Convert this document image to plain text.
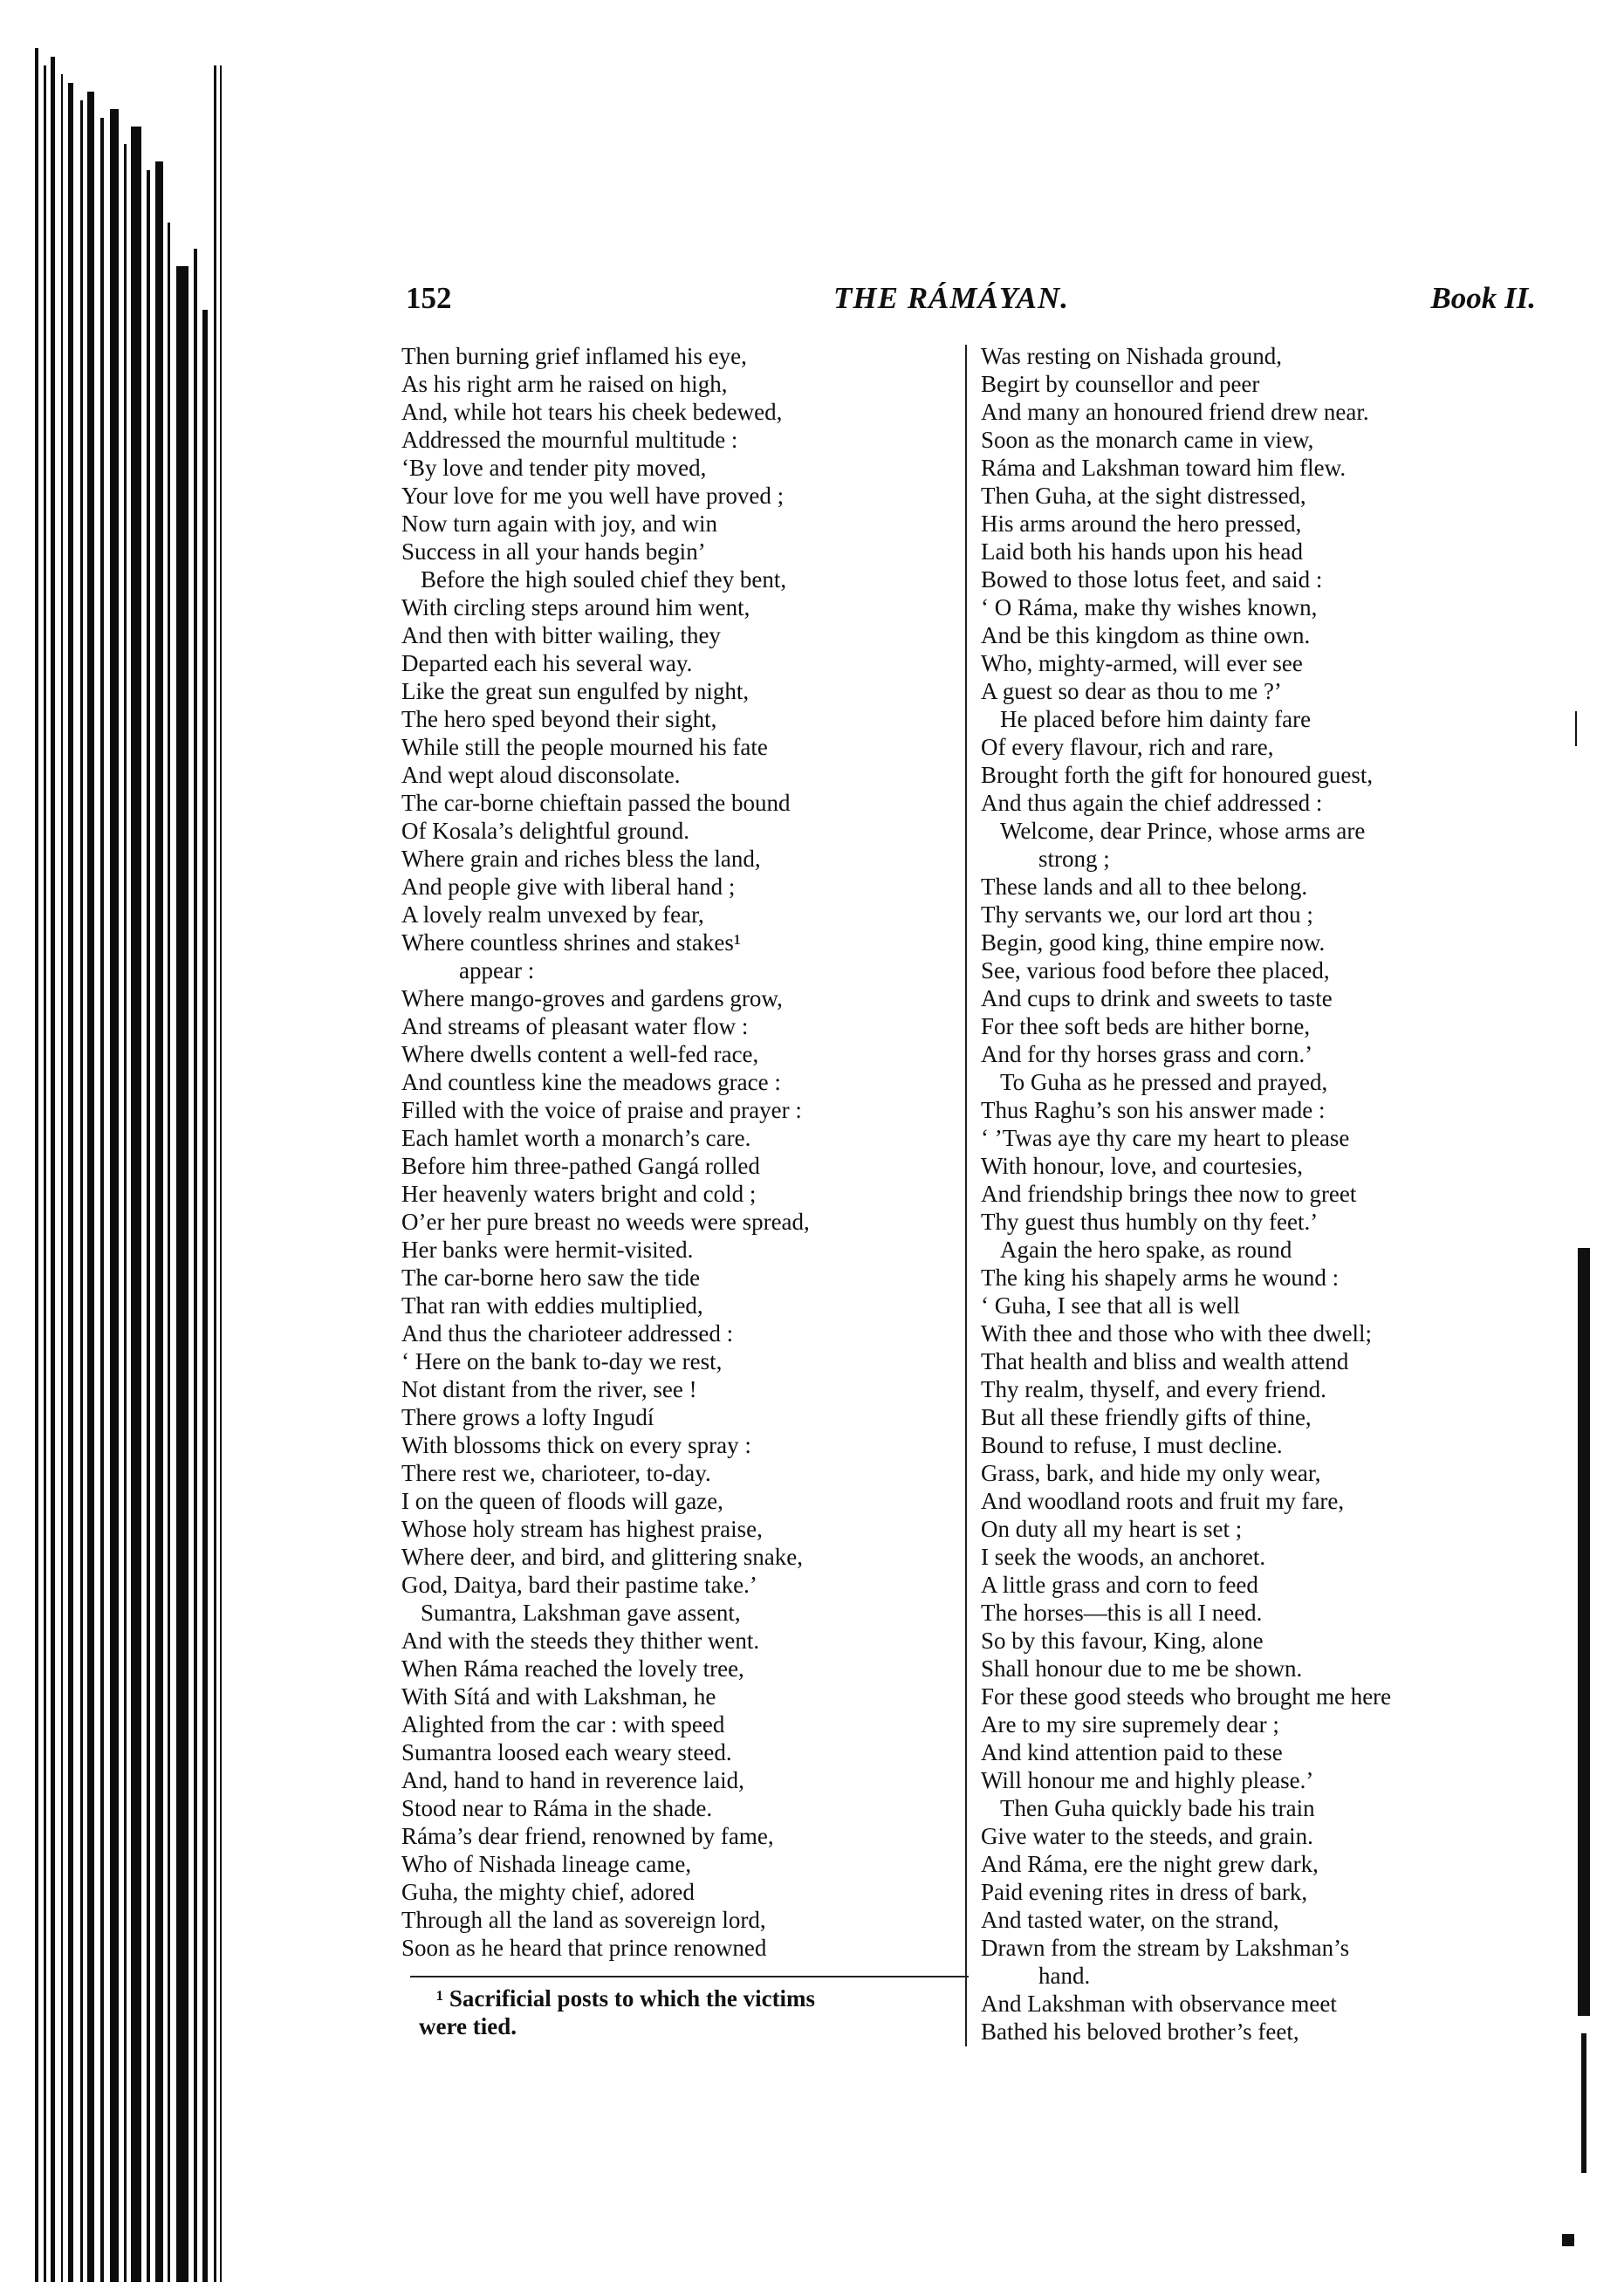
152	THE RÁMÁYAN.	Book II.
Then burning grief inflamed his eye,
As his right arm he raised on high,
And, while hot tears his cheek bedewed,
Addressed the mournful multitude :
‘By love and tender pity moved,
Your love for me you well have proved ;
Now turn again with joy, and win
Success in all your hands begin’
Before the high souled chief they bent,
With circling steps around him went,
And then with bitter wailing, they
Departed each his several way.
Like the great sun engulfed by night,
The hero sped beyond their sight,
While still the people mourned his fate
And wept aloud disconsolate.
The car-borne chieftain passed the bound
Of Kosala’s delightful ground.
Where grain and riches bless the land,
And people give with liberal hand ;
A lovely realm unvexed by fear,
Where countless shrines and stakes¹
appear :
Where mango-groves and gardens grow,
And streams of pleasant water flow :
Where dwells content a well-fed race,
And countless kine the meadows grace :
Filled with the voice of praise and prayer :
Each hamlet worth a monarch’s care.
Before him three-pathed Gangá rolled
Her heavenly waters bright and cold ;
O’er her pure breast no weeds were spread,
Her banks were hermit-visited.
The car-borne hero saw the tide
That ran with eddies multiplied,
And thus the charioteer addressed :
‘ Here on the bank to-day we rest,
Not distant from the river, see !
There grows a lofty Ingudí
With blossoms thick on every spray :
There rest we, charioteer, to-day.
I on the queen of floods will gaze,
Whose holy stream has highest praise,
Where deer, and bird, and glittering snake,
God, Daitya, bard their pastime take.’
Sumantra, Lakshman gave assent,
And with the steeds they thither went.
When Ráma reached the lovely tree,
With Sítá and with Lakshman, he
Alighted from the car : with speed
Sumantra loosed each weary steed.
And, hand to hand in reverence laid,
Stood near to Ráma in the shade.
Ráma’s dear friend, renowned by fame,
Who of Nishada lineage came,
Guha, the mighty chief, adored
Through all the land as sovereign lord,
Soon as he heard that prince renowned
Was resting on Nishada ground,
Begirt by counsellor and peer
And many an honoured friend drew near.
Soon as the monarch came in view,
Ráma and Lakshman toward him flew.
Then Guha, at the sight distressed,
His arms around the hero pressed,
Laid both his hands upon his head
Bowed to those lotus feet, and said :
‘ O Ráma, make thy wishes known,
And be this kingdom as thine own.
Who, mighty-armed, will ever see
A guest so dear as thou to me ?’
He placed before him dainty fare
Of every flavour, rich and rare,
Brought forth the gift for honoured guest,
And thus again the chief addressed :
Welcome, dear Prince, whose arms are
strong ;
These lands and all to thee belong.
Thy servants we, our lord art thou ;
Begin, good king, thine empire now.
See, various food before thee placed,
And cups to drink and sweets to taste
For thee soft beds are hither borne,
And for thy horses grass and corn.’
To Guha as he pressed and prayed,
Thus Raghu’s son his answer made :
‘ ’Twas aye thy care my heart to please
With honour, love, and courtesies,
And friendship brings thee now to greet
Thy guest thus humbly on thy feet.’
Again the hero spake, as round
The king his shapely arms he wound :
‘ Guha, I see that all is well
With thee and those who with thee dwell;
That health and bliss and wealth attend
Thy realm, thyself, and every friend.
But all these friendly gifts of thine,
Bound to refuse, I must decline.
Grass, bark, and hide my only wear,
And woodland roots and fruit my fare,
On duty all my heart is set ;
I seek the woods, an anchoret.
A little grass and corn to feed
The horses—this is all I need.
So by this favour, King, alone
Shall honour due to me be shown.
For these good steeds who brought me here
Are to my sire supremely dear ;
And kind attention paid to these
Will honour me and highly please.’
Then Guha quickly bade his train
Give water to the steeds, and grain.
And Ráma, ere the night grew dark,
Paid evening rites in dress of bark,
And tasted water, on the strand,
Drawn from the stream by Lakshman’s
hand.
And Lakshman with observance meet
Bathed his beloved brother’s feet,
¹ Sacrificial posts to which the victims
were tied.
